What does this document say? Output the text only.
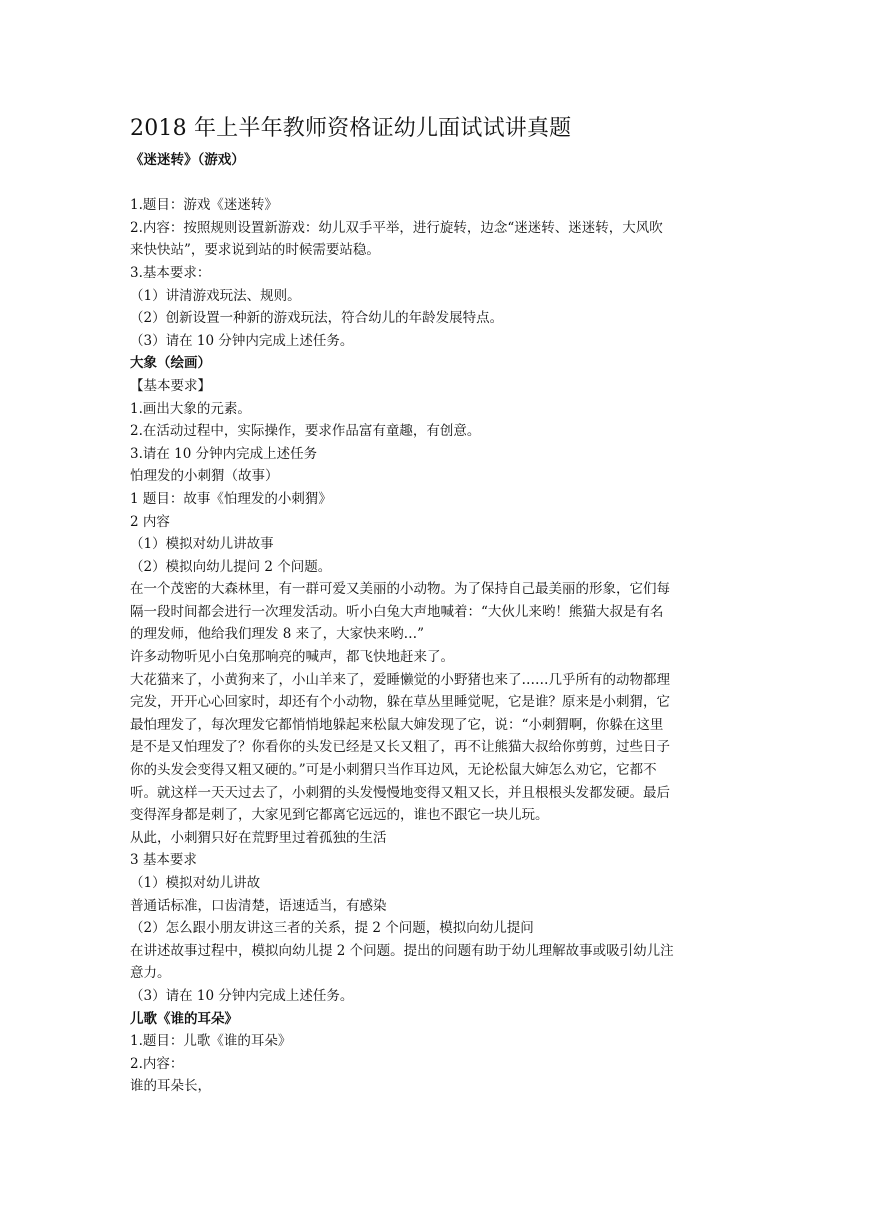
2018 年上半年教师资格证幼儿面试试讲真题
《迷迷转》（游戏）
1.题目：游戏《迷迷转》
2.内容：按照规则设置新游戏：幼儿双手平举，进行旋转，边念“迷迷转、迷迷转，大风吹
来快快站”，要求说到站的时候需要站稳。
3.基本要求：
（1）讲清游戏玩法、规则。
（2）创新设置一种新的游戏玩法，符合幼儿的年龄发展特点。
（3）请在 10 分钟内完成上述任务。
大象（绘画）
【基本要求】
1.画出大象的元素。
2.在活动过程中，实际操作，要求作品富有童趣，有创意。
3.请在 10 分钟内完成上述任务
怕理发的小刺猬（故事）
1 题目：故事《怕理发的小刺猬》
2 内容
（1）模拟对幼儿讲故事
（2）模拟向幼儿提问 2 个问题。
在一个茂密的大森林里，有一群可爱又美丽的小动物。为了保持自己最美丽的形象，它们每
隔一段时间都会进行一次理发活动。听小白兔大声地喊着：“大伙儿来哟！熊猫大叔是有名
的理发师，他给我们理发 8 来了，大家快来哟…”
许多动物听见小白兔那响亮的喊声，都飞快地赶来了。
大花猫来了，小黄狗来了，小山羊来了，爱睡懒觉的小野猪也来了……几乎所有的动物都理
完发，开开心心回家时，却还有个小动物，躲在草丛里睡觉呢，它是谁？原来是小刺猬，它
最怕理发了，每次理发它都悄悄地躲起来松鼠大婶发现了它，说：“小刺猬啊，你躲在这里
是不是又怕理发了？你看你的头发已经是又长又粗了，再不让熊猫大叔给你剪剪，过些日子
你的头发会变得又粗又硬的。”可是小刺猬只当作耳边风，无论松鼠大婶怎么劝它，它都不
听。就这样一天天过去了，小刺猬的头发慢慢地变得又粗又长，并且根根头发都发硬。最后
变得浑身都是刺了，大家见到它都离它远远的，谁也不跟它一块儿玩。
从此，小刺猬只好在荒野里过着孤独的生活
3 基本要求
（1）模拟对幼儿讲故
普通话标准，口齿清楚，语速适当，有感染
（2）怎么跟小朋友讲这三者的关系，提 2 个问题，模拟向幼儿提问
在讲述故事过程中，模拟向幼儿提 2 个问题。提出的问题有助于幼儿理解故事或吸引幼儿注
意力。
（3）请在 10 分钟内完成上述任务。
儿歌《谁的耳朵》
1.题目：儿歌《谁的耳朵》
2.内容：
谁的耳朵长，
